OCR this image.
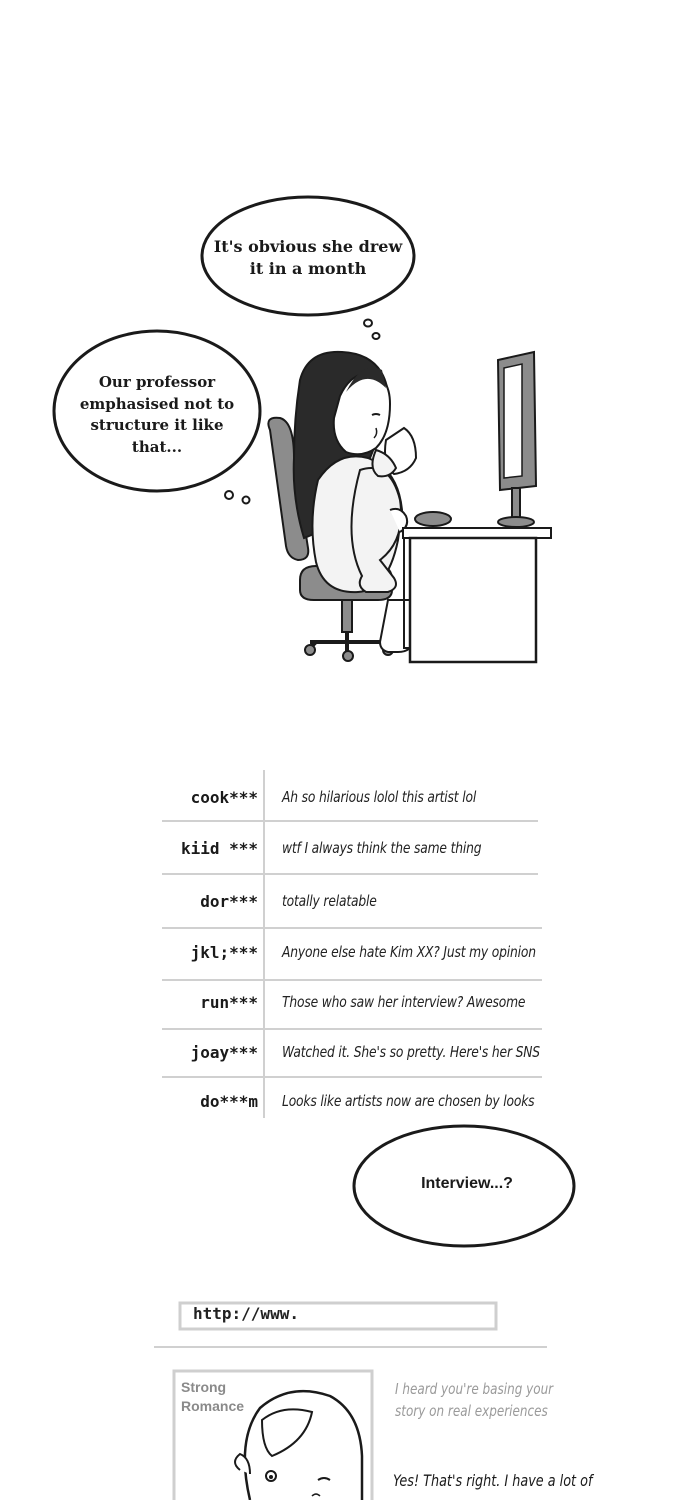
It's obvious she drew
it in a month
Our professor
emphasised not to
structure it like
that...
cook*** Ah so hilarious lolol this artist lol
kiid *** wtf I always think the same thing
dor*** totally relatable
jkl;*** Anyone else hate Kim XX? Just my opinion
run*** Those who saw her interview? Awesome
joay*** Watched it. She's so pretty. Here's her SNS
do***m Looks like artists now are chosen by looks
Interview...?
http://www.
Strong
Romance
I heard you're basing your
story on real experiences
Yes! That's right. I have a lot of
